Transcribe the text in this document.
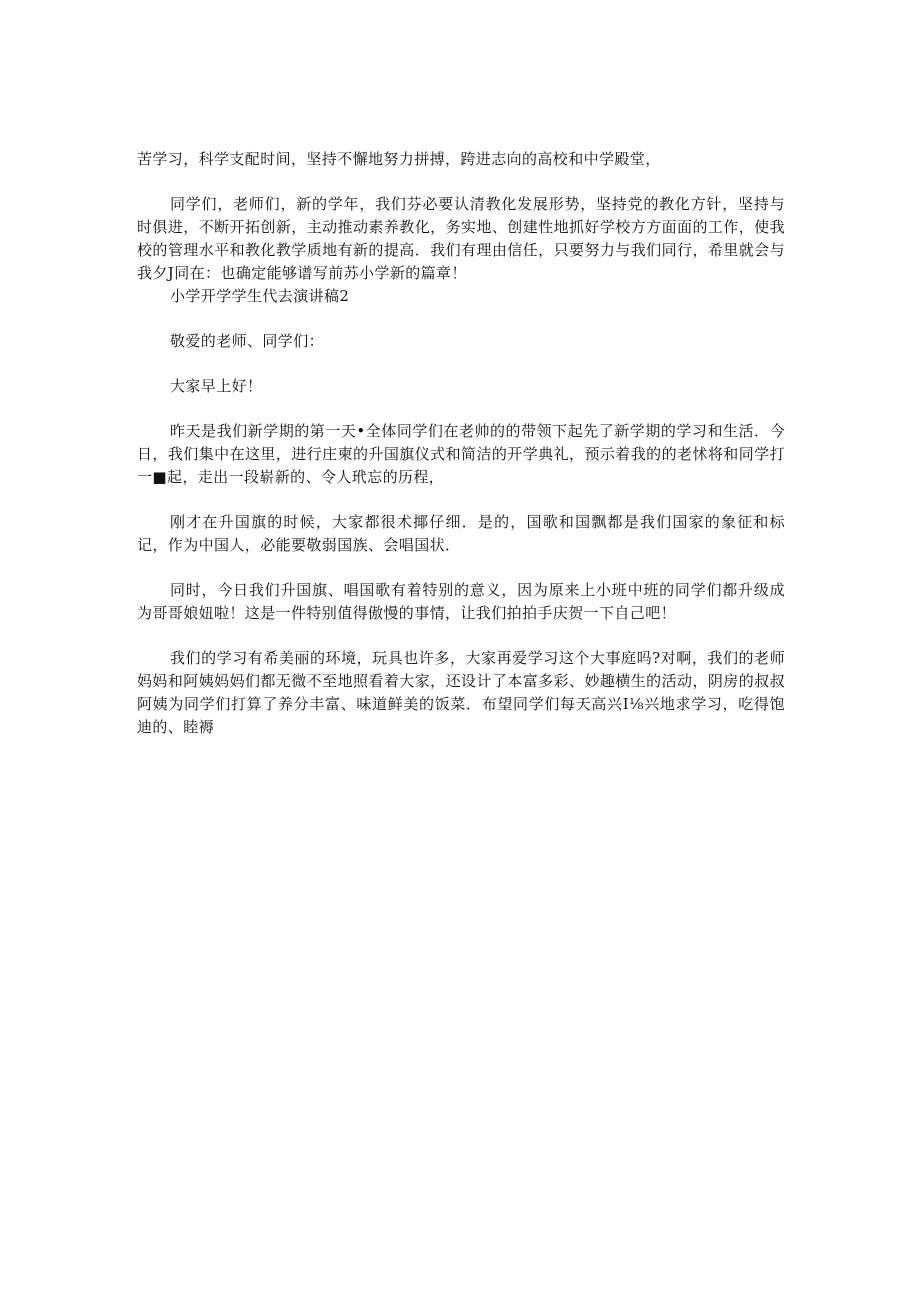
苦学习，科学支配时间，坚持不懈地努力拼搏，跨进志向的高校和中学殿堂，

同学们，老师们，新的学年，我们芬必要认清教化发展形势，坚持党的教化方针，坚持与时俱进，不断开拓创新，主动推动素养教化，务实地、创建性地抓好学校方方面面的工作，使我校的管理水平和教化教学质地有新的提高．我们有理由信任，只要努力与我们同行，希里就会与我夕J同在：也确定能够谱写前苏小学新的篇章！

小学开学学生代去演讲稿2

敬爱的老师、同学们：

大家早上好！

昨天是我们新学期的第一天•全体同学们在老帅的的带领下起先了新学期的学习和生活．今日，我们集中在这里，进行庄柬的升国旗仪式和简洁的开学典礼，预示着我的的老怵将和同学打一■起，走出一段崭新的、令人玳忘的历程，

刚才在升国旗的时候，大家都很术揶仔细．是的，国歌和国飘都是我们国家的象征和标记，作为中国人，必能要敬弱国族、会唱国状．

同时，今日我们升国旗、唱国歌有着特别的意义，因为原来上小班中班的同学们都升级成为哥哥娘妞啦！这是一件特别值得傲慢的事情，让我们拍拍手庆贺一下自己吧！

我们的学习有希美丽的环境，玩具也许多，大家再爱学习这个大事庭吗?对啊，我们的老师妈妈和阿姨妈妈们都无微不至地照看着大家，还设计了本富多彩、妙趣横生的活动，阴房的叔叔阿姨为同学们打算了养分丰富、味道鲜美的饭菜．布望同学们每天高兴I⅛兴地求学习，吃得饱迪的、睦褥
